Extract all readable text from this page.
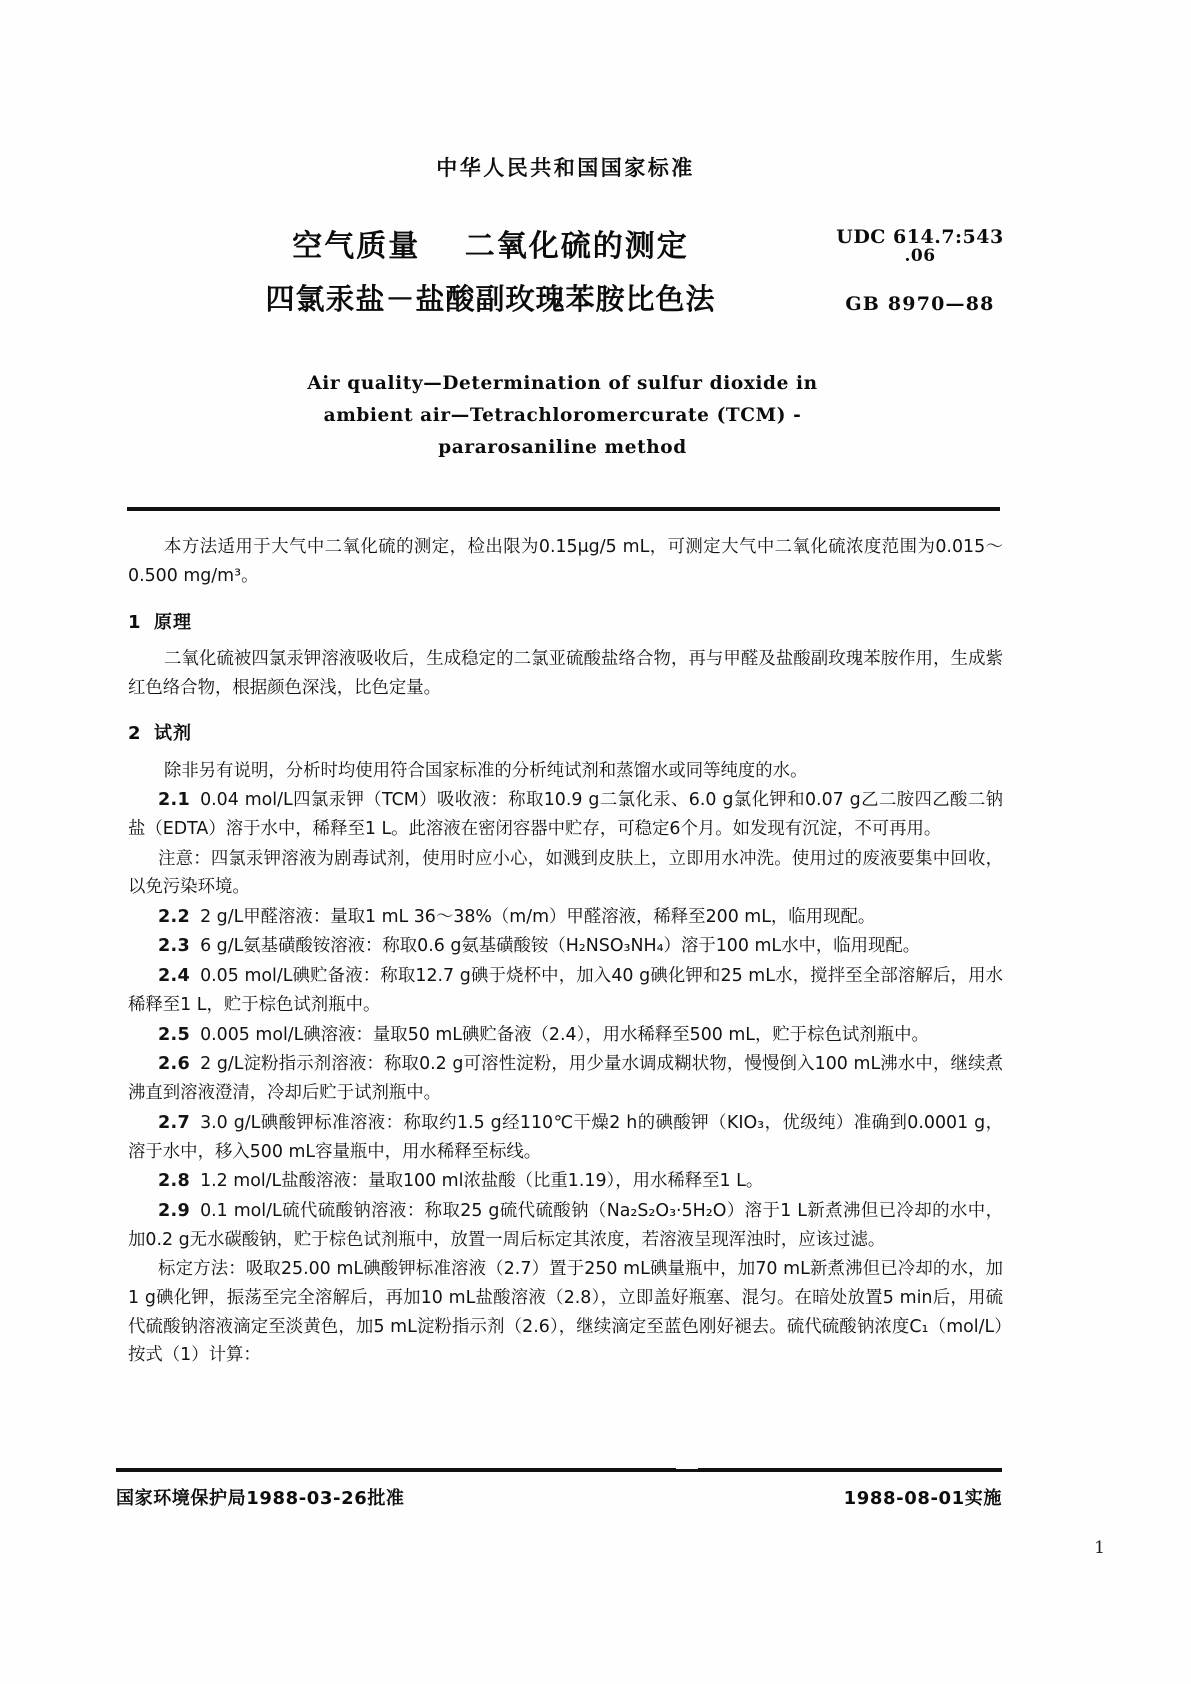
中华人民共和国国家标准
空气质量　 二氧化硫的测定
四氯汞盐－盐酸副玫瑰苯胺比色法
UDC 614.7:543
.06
GB 8970—88
Air quality—Determination of sulfur dioxide in
ambient air—Tetrachloromercurate (TCM) -
pararosaniline method

本方法适用于大气中二氧化硫的测定，检出限为0.15μg/5 mL，可测定大气中二氧化硫浓度范围为0.015～0.500 mg/m³。

1 原理

二氧化硫被四氯汞钾溶液吸收后，生成稳定的二氯亚硫酸盐络合物，再与甲醛及盐酸副玫瑰苯胺作用，生成紫红色络合物，根据颜色深浅，比色定量。

2 试剂

除非另有说明，分析时均使用符合国家标准的分析纯试剂和蒸馏水或同等纯度的水。

2.1 0.04 mol/L四氯汞钾（TCM）吸收液：称取10.9 g二氯化汞、6.0 g氯化钾和0.07 g乙二胺四乙酸二钠盐（EDTA）溶于水中，稀释至1 L。此溶液在密闭容器中贮存，可稳定6个月。如发现有沉淀，不可再用。

注意：四氯汞钾溶液为剧毒试剂，使用时应小心，如溅到皮肤上，立即用水冲洗。使用过的废液要集中回收，以免污染环境。

2.2 2 g/L甲醛溶液：量取1 mL 36～38%（m/m）甲醛溶液，稀释至200 mL，临用现配。

2.3 6 g/L氨基磺酸铵溶液：称取0.6 g氨基磺酸铵（H₂NSO₃NH₄）溶于100 mL水中，临用现配。

2.4 0.05 mol/L碘贮备液：称取12.7 g碘于烧杯中，加入40 g碘化钾和25 mL水，搅拌至全部溶解后，用水稀释至1 L，贮于棕色试剂瓶中。

2.5 0.005 mol/L碘溶液：量取50 mL碘贮备液（2.4），用水稀释至500 mL，贮于棕色试剂瓶中。

2.6 2 g/L淀粉指示剂溶液：称取0.2 g可溶性淀粉，用少量水调成糊状物，慢慢倒入100 mL沸水中，继续煮沸直到溶液澄清，冷却后贮于试剂瓶中。

2.7 3.0 g/L碘酸钾标准溶液：称取约1.5 g经110℃干燥2 h的碘酸钾（KIO₃，优级纯）准确到0.0001 g，溶于水中，移入500 mL容量瓶中，用水稀释至标线。

2.8 1.2 mol/L盐酸溶液：量取100 ml浓盐酸（比重1.19），用水稀释至1 L。

2.9 0.1 mol/L硫代硫酸钠溶液：称取25 g硫代硫酸钠（Na₂S₂O₃·5H₂O）溶于1 L新煮沸但已冷却的水中，加0.2 g无水碳酸钠，贮于棕色试剂瓶中，放置一周后标定其浓度，若溶液呈现浑浊时，应该过滤。

标定方法：吸取25.00 mL碘酸钾标准溶液（2.7）置于250 mL碘量瓶中，加70 mL新煮沸但已冷却的水，加1 g碘化钾，振荡至完全溶解后，再加10 mL盐酸溶液（2.8），立即盖好瓶塞、混匀。在暗处放置5 min后，用硫代硫酸钠溶液滴定至淡黄色，加5 mL淀粉指示剂（2.6），继续滴定至蓝色刚好褪去。硫代硫酸钠浓度C₁（mol/L）按式（1）计算：

国家环境保护局1988-03-26批准	1988-08-01实施
1
